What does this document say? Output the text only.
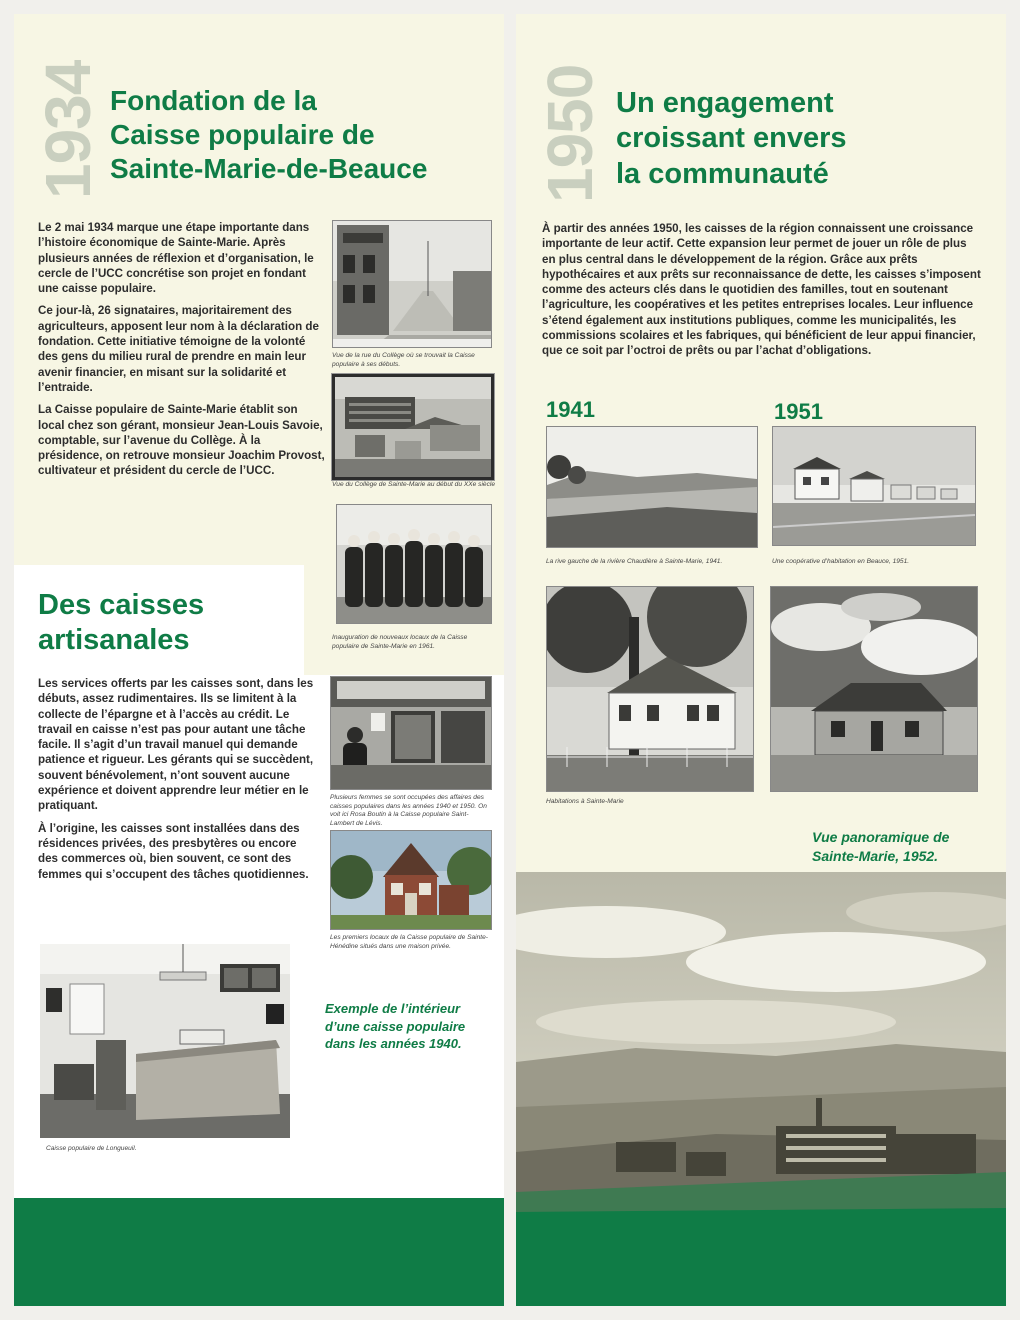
1934 Fondation de la
Caisse populaire de
Sainte-Marie-de-Beauce

Le 2 mai 1934 marque une étape importante dans l’histoire économique de Sainte-Marie. Après plusieurs années de réflexion et d’organisation, le cercle de l’UCC concrétise son projet en fondant une caisse populaire.

Ce jour-là, 26 signataires, majoritairement des agriculteurs, apposent leur nom à la déclaration de fondation. Cette initiative témoigne de la volonté des gens du milieu rural de prendre en main leur avenir financier, en misant sur la solidarité et l’entraide.

La Caisse populaire de Sainte-Marie établit son local chez son gérant, monsieur Jean-Louis Savoie, comptable, sur l’avenue du Collège. À la présidence, on retrouve monsieur Joachim Provost, cultivateur et président du cercle de l’UCC.

Vue de la rue du Collège où se trouvait la Caisse populaire à ses débuts.
Vue du Collège de Sainte-Marie au début du XXe siècle
Inauguration de nouveaux locaux de la Caisse populaire de Sainte-Marie en 1961.
Des caisses
artisanales

Les services offerts par les caisses sont, dans les débuts, assez rudimentaires. Ils se limitent à la collecte de l’épargne et à l’accès au crédit. Le travail en caisse n’est pas pour autant une tâche facile. Il s’agit d’un travail manuel qui demande patience et rigueur. Les gérants qui se succèdent, souvent bénévolement, n’ont souvent aucune expérience et doivent apprendre leur métier en le pratiquant.

À l’origine, les caisses sont installées dans des résidences privées, des presbytères ou encore des commerces où, bien souvent, ce sont des femmes qui s’occupent des tâches quotidiennes.

Plusieurs femmes se sont occupées des affaires des caisses populaires dans les années 1940 et 1950. On voit ici Rosa Boutin à la Caisse populaire Saint-Lambert de Lévis.
Les premiers locaux de la Caisse populaire de Sainte-Hénédine situés dans une maison privée.
Caisse populaire de Longueuil.
Exemple de l’intérieur
d’une caisse populaire
dans les années 1940.
1950 Un engagement
croissant envers
la communauté

À partir des années 1950, les caisses de la région connaissent une croissance importante de leur actif. Cette expansion leur permet de jouer un rôle de plus en plus central dans le développement de la région. Grâce aux prêts hypothécaires et aux prêts sur reconnaissance de dette, les caisses s’imposent comme des acteurs clés dans le quotidien des familles, tout en soutenant l’agriculture, les coopératives et les petites entreprises locales. Leur influence s’étend également aux institutions publiques, comme les municipalités, les commissions scolaires et les fabriques, qui bénéficient de leur appui financier, que ce soit par l’octroi de prêts ou par l’achat d’obligations.

1941	1951
La rive gauche de la rivière Chaudière à Sainte-Marie, 1941.	Une coopérative d’habitation en Beauce, 1951.
Habitations à Sainte-Marie
Vue panoramique de
Sainte-Marie, 1952.
